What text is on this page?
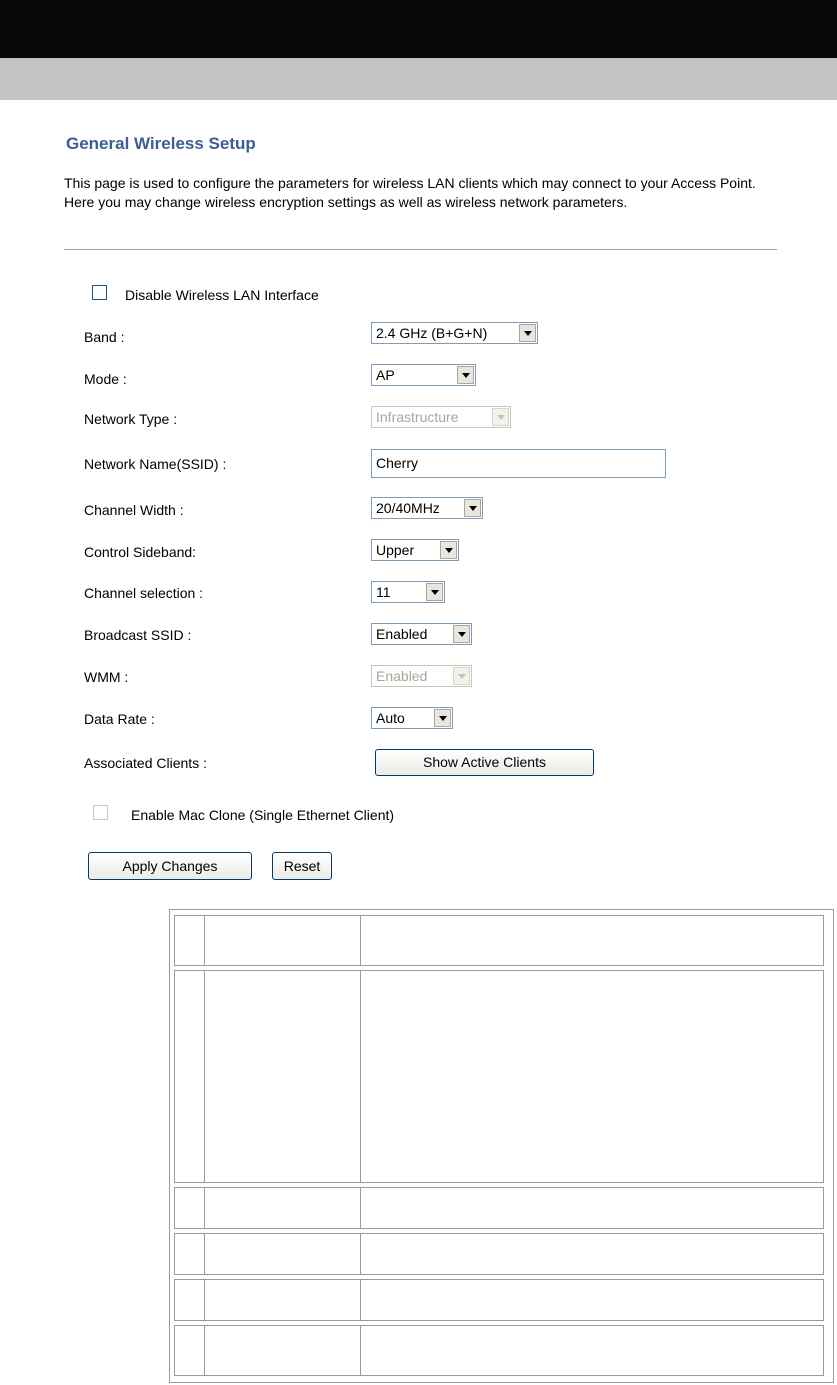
General Wireless Setup
This page is used to configure the parameters for wireless LAN clients which may connect to your Access Point. Here you may change wireless encryption settings as well as wireless network parameters.
Disable Wireless LAN Interface
Band :	2.4 GHz (B+G+N)
Mode :	AP
Network Type :	Infrastructure
Network Name(SSID) :	Cherry
Channel Width :	20/40MHz
Control Sideband:	Upper
Channel selection :	11
Broadcast SSID :	Enabled
WMM :	Enabled
Data Rate :	Auto
Associated Clients :	Show Active Clients
Enable Mac Clone (Single Ethernet Client)
Apply Changes	Reset
